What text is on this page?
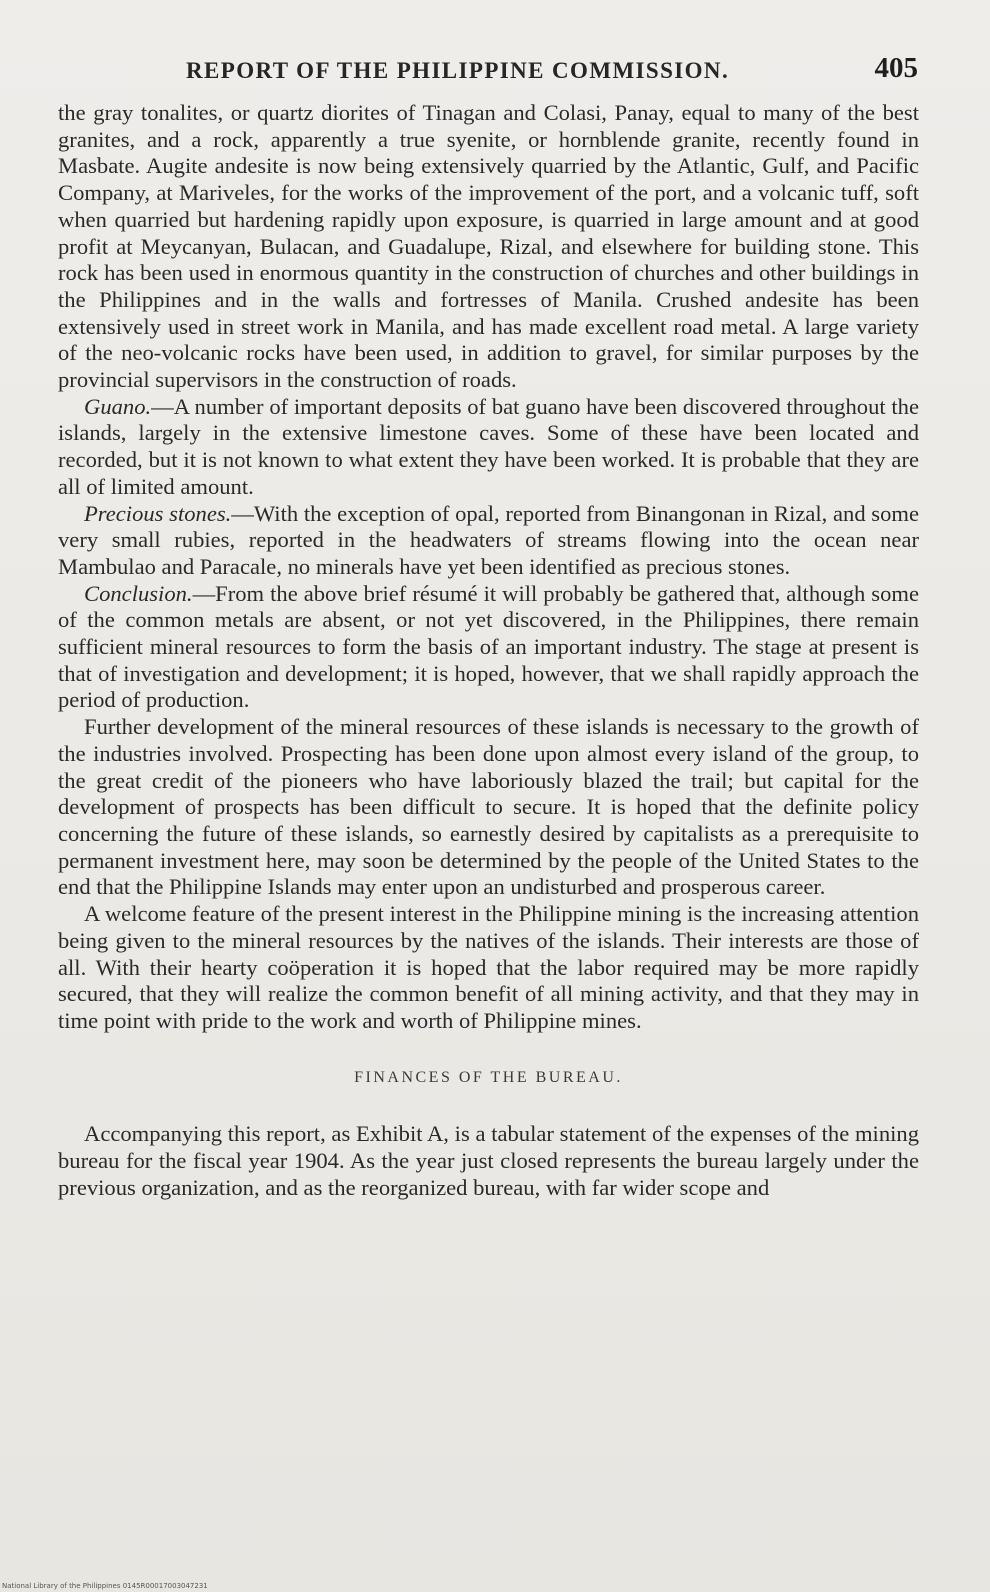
REPORT OF THE PHILIPPINE COMMISSION.	405

the gray tonalites, or quartz diorites of Tinagan and Colasi, Panay, equal to many of the best granites, and a rock, apparently a true syenite, or hornblende granite, recently found in Masbate. Augite andesite is now being extensively quarried by the Atlantic, Gulf, and Pacific Company, at Mariveles, for the works of the improvement of the port, and a volcanic tuff, soft when quarried but hardening rapidly upon exposure, is quarried in large amount and at good profit at Meycanyan, Bulacan, and Guadalupe, Rizal, and elsewhere for building stone. This rock has been used in enormous quantity in the construction of churches and other buildings in the Philippines and in the walls and fortresses of Manila. Crushed andesite has been extensively used in street work in Manila, and has made excellent road metal. A large variety of the neo-volcanic rocks have been used, in addition to gravel, for similar purposes by the provincial supervisors in the construction of roads.

Guano.—A number of important deposits of bat guano have been discovered throughout the islands, largely in the extensive limestone caves. Some of these have been located and recorded, but it is not known to what extent they have been worked. It is probable that they are all of limited amount.

Precious stones.—With the exception of opal, reported from Binangonan in Rizal, and some very small rubies, reported in the headwaters of streams flowing into the ocean near Mambulao and Paracale, no minerals have yet been identified as precious stones.

Conclusion.—From the above brief résumé it will probably be gathered that, although some of the common metals are absent, or not yet discovered, in the Philippines, there remain sufficient mineral resources to form the basis of an important industry. The stage at present is that of investigation and development; it is hoped, however, that we shall rapidly approach the period of production.

Further development of the mineral resources of these islands is necessary to the growth of the industries involved. Prospecting has been done upon almost every island of the group, to the great credit of the pioneers who have laboriously blazed the trail; but capital for the development of prospects has been difficult to secure. It is hoped that the definite policy concerning the future of these islands, so earnestly desired by capitalists as a prerequisite to permanent investment here, may soon be determined by the people of the United States to the end that the Philippine Islands may enter upon an undisturbed and prosperous career.

A welcome feature of the present interest in the Philippine mining is the increasing attention being given to the mineral resources by the natives of the islands. Their interests are those of all. With their hearty coöperation it is hoped that the labor required may be more rapidly secured, that they will realize the common benefit of all mining activity, and that they may in time point with pride to the work and worth of Philippine mines.

FINANCES OF THE BUREAU.

Accompanying this report, as Exhibit A, is a tabular statement of the expenses of the mining bureau for the fiscal year 1904. As the year just closed represents the bureau largely under the previous organization, and as the reorganized bureau, with far wider scope and

National Library of the Philippines 0145R00017003047231
